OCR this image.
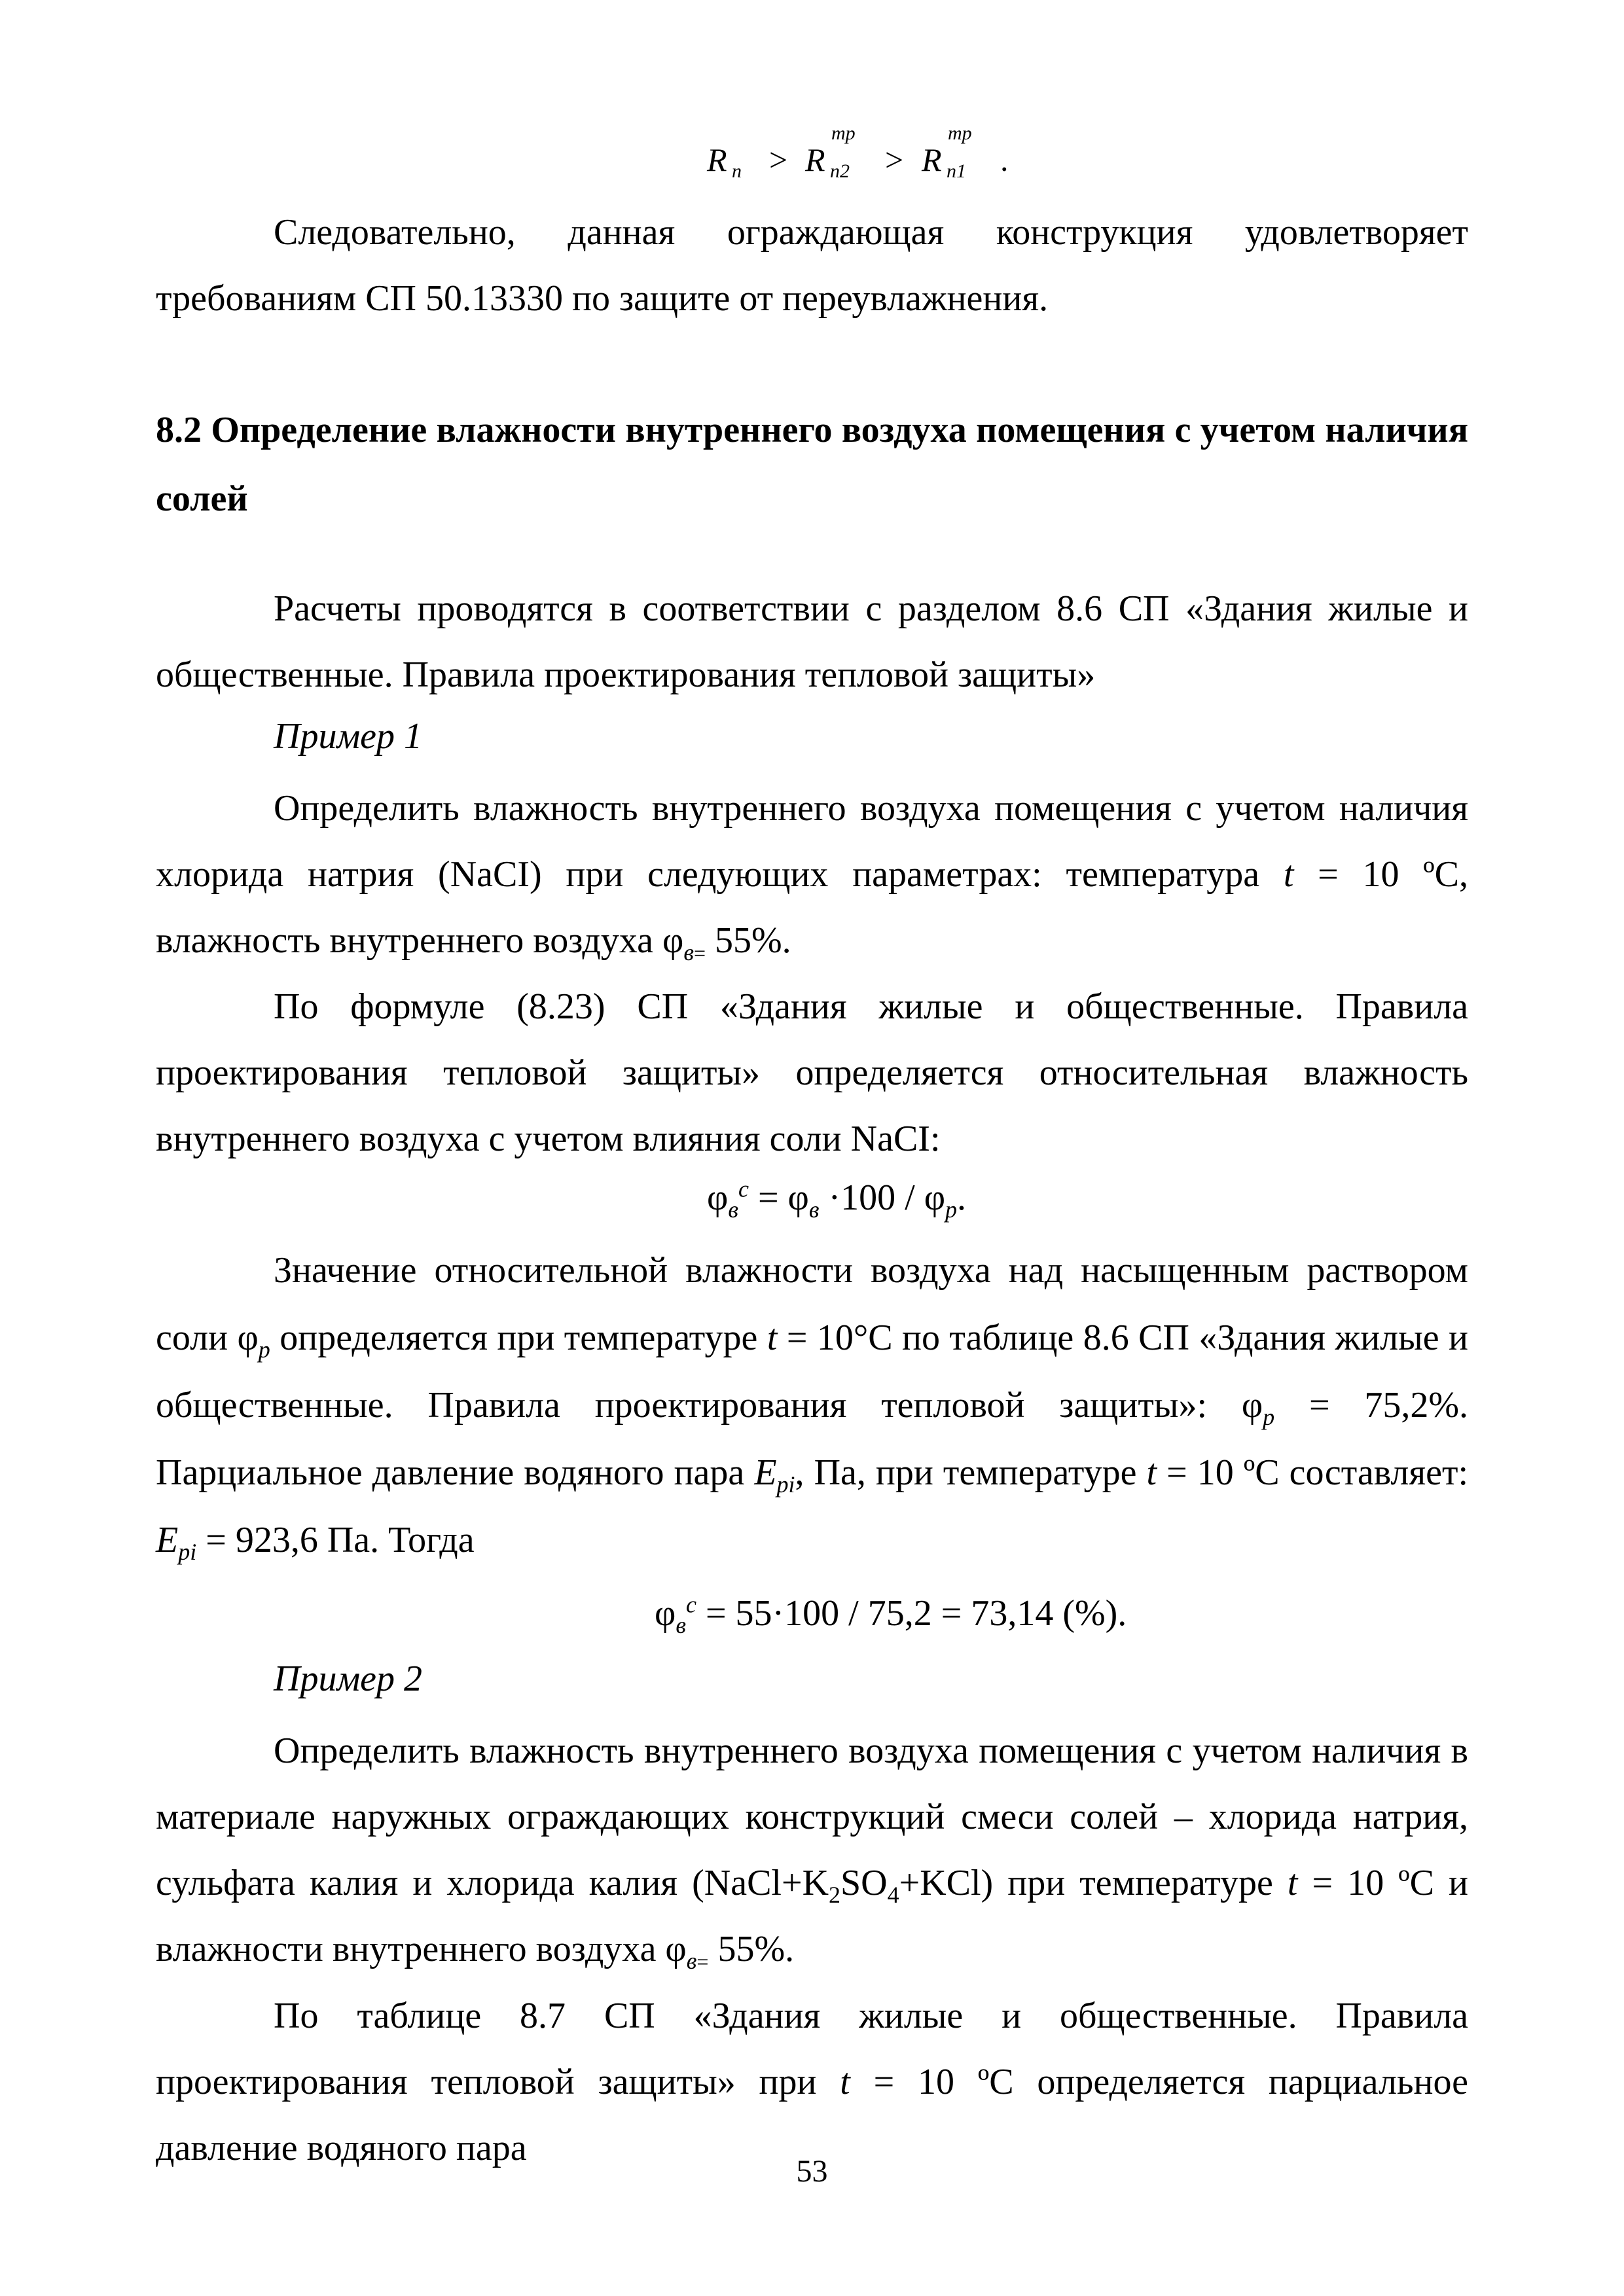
R n > R
тр
n2 > R
тр
n1 .
Следовательно, данная ограждающая конструкция удовлетворяет требованиям СП 50.13330 по защите от переувлажнения.
8.2 Определение влажности внутреннего воздуха помещения с учетом наличия солей
Расчеты проводятся в соответствии с разделом 8.6 СП «Здания жилые и общественные. Правила проектирования тепловой защиты»
Пример 1
Определить влажность внутреннего воздуха помещения с учетом наличия хлорида натрия (NaCI) при следующих параметрах: температура t = 10 ºC, влажность внутреннего воздуха $\varphi_{в=}$ 55%.
По формуле (8.23) СП «Здания жилые и общественные. Правила проектирования тепловой защиты» определяется относительная влажность внутреннего воздуха с учетом влияния соли NaCI:
$\varphi_в^с = \varphi_в \cdot 100 / \varphi_р$.
Значение относительной влажности воздуха над насыщенным раствором соли $\varphi_р$ определяется при температуре t = 10°С по таблице 8.6 СП «Здания жилые и общественные. Правила проектирования тепловой защиты»: $\varphi_р = 75,2\%$. Парциальное давление водяного пара $E_{pi}$, Па, при температуре t = 10 ºC составляет: $E_{pi} = 923,6$ Па. Тогда
$\varphi_в^с = 55\cdot 100 / 75,2 = 73,14$ (%).
Пример 2
Определить влажность внутреннего воздуха помещения с учетом наличия в материале наружных ограждающих конструкций смеси солей – хлорида натрия, сульфата калия и хлорида калия $(NaCl+K_2SO_4+KCl)$ при температуре t = 10 ºC и влажности внутреннего воздуха $\varphi_{в=}$ 55%.
По таблице 8.7 СП «Здания жилые и общественные. Правила проектирования тепловой защиты» при t = 10 ºC определяется парциальное давление водяного пара
53
